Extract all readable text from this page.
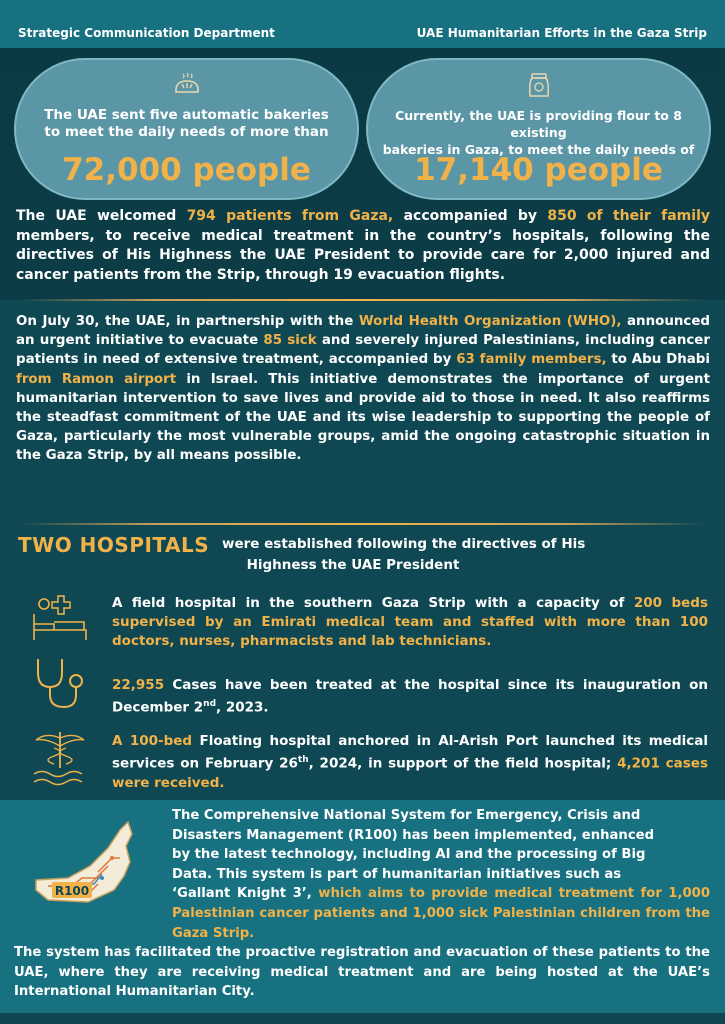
Strategic Communication Department	UAE Humanitarian Efforts in the Gaza Strip
The UAE sent five automatic bakeries
to meet the daily needs of more than
72,000 people
Currently, the UAE is providing flour to 8 existing
bakeries in Gaza, to meet the daily needs of
17,140 people
The UAE welcomed 794 patients from Gaza, accompanied by 850 of their family members, to receive medical treatment in the country’s hospitals, following the directives of His Highness the UAE President to provide care for 2,000 injured and cancer patients from the Strip, through 19 evacuation flights.
On July 30, the UAE, in partnership with the World Health Organization (WHO), announced an urgent initiative to evacuate 85 sick and severely injured Palestinians, including cancer patients in need of extensive treatment, accompanied by 63 family members, to Abu Dhabi from Ramon airport in Israel. This initiative demonstrates the importance of urgent humanitarian intervention to save lives and provide aid to those in need. It also reaffirms the steadfast commitment of the UAE and its wise leadership to supporting the people of Gaza, particularly the most vulnerable groups, amid the ongoing catastrophic situation in the Gaza Strip, by all means possible.
TWO HOSPITALS were established following the directives of His
Highness the UAE President
A field hospital in the southern Gaza Strip with a capacity of 200 beds supervised by an Emirati medical team and staffed with more than 100 doctors, nurses, pharmacists and lab technicians.
22,955 Cases have been treated at the hospital since its inauguration on December 2nd, 2023.
A 100-bed Floating hospital anchored in Al-Arish Port launched its medical services on February 26th, 2024, in support of the field hospital; 4,201 cases were received.
R100
The Comprehensive National System for Emergency, Crisis and
Disasters Management (R100) has been implemented, enhanced
by the latest technology, including AI and the processing of Big
Data. This system is part of humanitarian initiatives such as
‘Gallant Knight 3’, which aims to provide medical treatment for 1,000 Palestinian cancer patients and 1,000 sick Palestinian children from the Gaza Strip.
The system has facilitated the proactive registration and evacuation of these patients to the UAE, where they are receiving medical treatment and are being hosted at the UAE’s International Humanitarian City.
